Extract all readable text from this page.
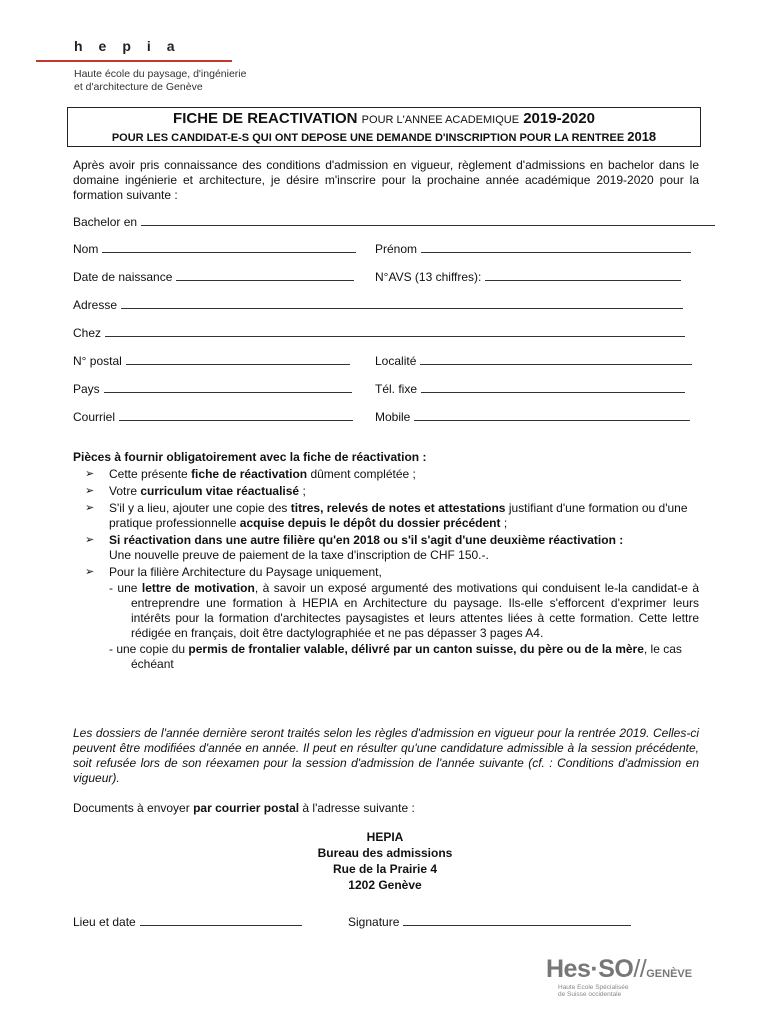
hepia
Haute école du paysage, d'ingénierie
et d'architecture de Genève
FICHE DE REACTIVATION POUR L'ANNEE ACADEMIQUE 2019-2020
POUR LES CANDIDAT-E-S QUI ONT DEPOSE UNE DEMANDE D'INSCRIPTION POUR LA RENTREE 2018
Après avoir pris connaissance des conditions d'admission en vigueur, règlement d'admissions en bachelor dans le domaine ingénierie et architecture, je désire m'inscrire pour la prochaine année académique 2019-2020 pour la formation suivante :
Bachelor en
Nom	Prénom
Date de naissance	N°AVS (13 chiffres):
Adresse
Chez
N° postal	Localité
Pays	Tél. fixe
Courriel	Mobile
Pièces à fournir obligatoirement avec la fiche de réactivation :
➢ Cette présente fiche de réactivation dûment complétée ;
➢ Votre curriculum vitae réactualisé ;
➢ S'il y a lieu, ajouter une copie des titres, relevés de notes et attestations justifiant d'une formation ou d'une pratique professionnelle acquise depuis le dépôt du dossier précédent ;
➢ Si réactivation dans une autre filière qu'en 2018 ou s'il s'agit d'une deuxième réactivation :
Une nouvelle preuve de paiement de la taxe d'inscription de CHF 150.-.
➢ Pour la filière Architecture du Paysage uniquement,
- une lettre de motivation, à savoir un exposé argumenté des motivations qui conduisent le-la candidat-e à entreprendre une formation à HEPIA en Architecture du paysage. Ils-elle s'efforcent d'exprimer leurs intérêts pour la formation d'architectes paysagistes et leurs attentes liées à cette formation. Cette lettre rédigée en français, doit être dactylographiée et ne pas dépasser 3 pages A4.
- une copie du permis de frontalier valable, délivré par un canton suisse, du père ou de la mère, le cas échéant
Les dossiers de l'année dernière seront traités selon les règles d'admission en vigueur pour la rentrée 2019. Celles-ci peuvent être modifiées d'année en année. Il peut en résulter qu'une candidature admissible à la session précédente, soit refusée lors de son réexamen pour la session d'admission de l'année suivante (cf. : Conditions d'admission en vigueur).
Documents à envoyer par courrier postal à l'adresse suivante :
HEPIA
Bureau des admissions
Rue de la Prairie 4
1202 Genève
Lieu et date	Signature
Hes·SO//GENÈVE
Haute Ecole Spécialisée
de Suisse occidentale
